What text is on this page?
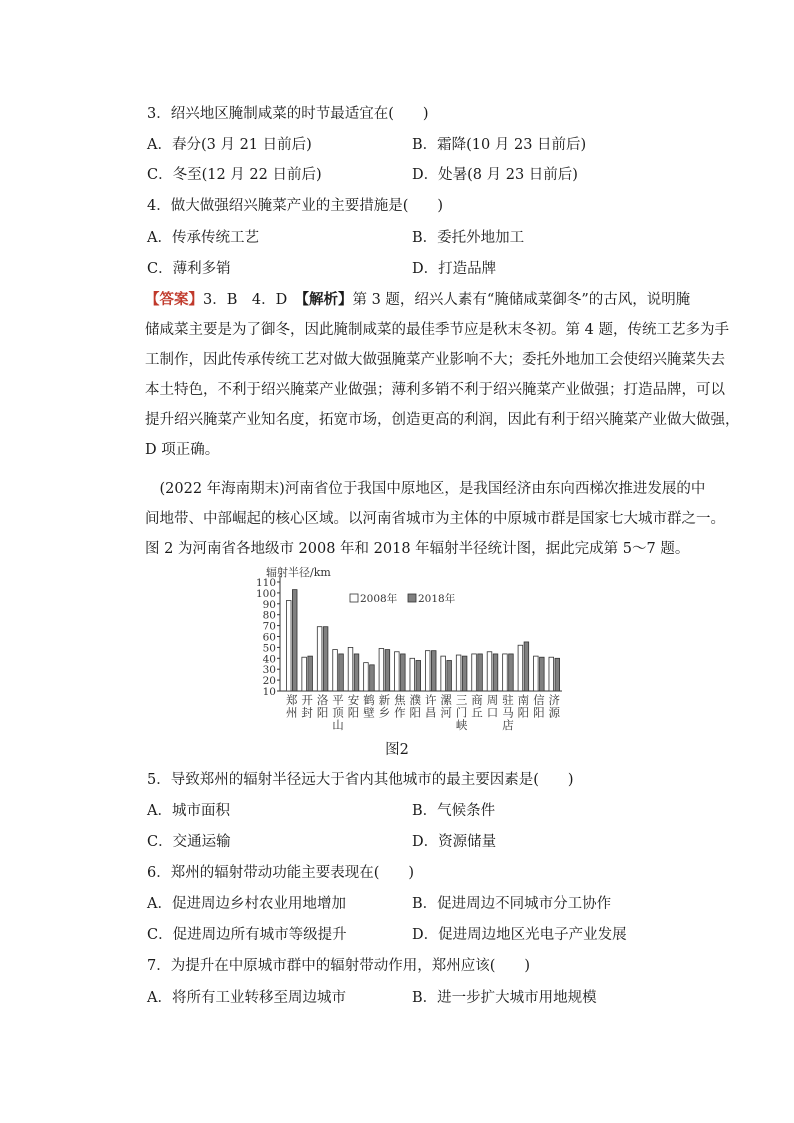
3．绍兴地区腌制咸菜的时节最适宜在(　　)
A．春分(3 月 21 日前后)	B．霜降(10 月 23 日前后)
C．冬至(12 月 22 日前后)	D．处暑(8 月 23 日前后)
4．做大做强绍兴腌菜产业的主要措施是(　　)
A．传承传统工艺	B．委托外地加工
C．薄利多销	D．打造品牌

【答案】3．B　4．D　【解析】第 3 题，绍兴人素有“腌储咸菜御冬”的古风，说明腌

储咸菜主要是为了御冬，因此腌制咸菜的最佳季节应是秋末冬初。第 4 题，传统工艺多为手

工制作，因此传承传统工艺对做大做强腌菜产业影响不大；委托外地加工会使绍兴腌菜失去

本土特色，不利于绍兴腌菜产业做强；薄利多销不利于绍兴腌菜产业做强；打造品牌，可以

提升绍兴腌菜产业知名度，拓宽市场，创造更高的利润，因此有利于绍兴腌菜产业做大做强，

D 项正确。

　(2022 年海南期末)河南省位于我国中原地区，是我国经济由东向西梯次推进发展的中

间地带、中部崛起的核心区域。以河南省城市为主体的中原城市群是国家七大城市群之一。

图 2 为河南省各地级市 2008 年和 2018 年辐射半径统计图，据此完成第 5～7 题。

辐射半径/km
10
20
30
40
50
60
70
80
90
100
110
郑
州
开
封
洛
阳
平
顶
山
安
阳
鹤
壁
新
乡
焦
作
濮
阳
许
昌
漯
河
三
门
峡
商
丘
周
口
驻
马
店
南
阳
信
阳
济
源
2008年 2018年
图2
5．导致郑州的辐射半径远大于省内其他城市的最主要因素是(　　)
A．城市面积	B．气候条件
C．交通运输	D．资源储量
6．郑州的辐射带动功能主要表现在(　　)
A．促进周边乡村农业用地增加	B．促进周边不同城市分工协作
C．促进周边所有城市等级提升	D．促进周边地区光电子产业发展
7．为提升在中原城市群中的辐射带动作用，郑州应该(　　)
A．将所有工业转移至周边城市	B．进一步扩大城市用地规模
